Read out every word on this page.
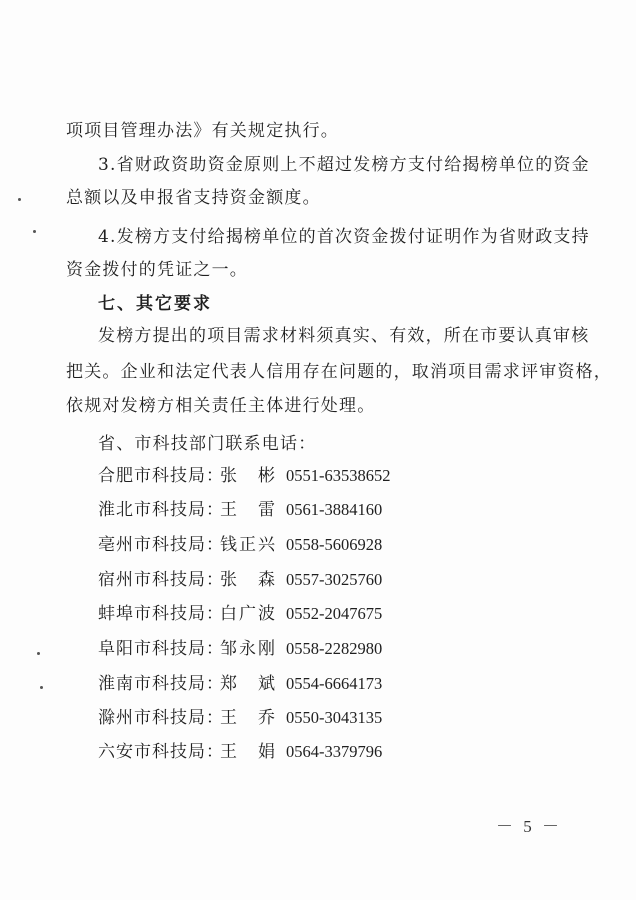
项项目管理办法》有关规定执行。
3.省财政资助资金原则上不超过发榜方支付给揭榜单位的资金
总额以及申报省支持资金额度。
4.发榜方支付给揭榜单位的首次资金拨付证明作为省财政支持
资金拨付的凭证之一。
七、其它要求
发榜方提出的项目需求材料须真实、有效，所在市要认真审核
把关。企业和法定代表人信用存在问题的，取消项目需求评审资格，
依规对发榜方相关责任主体进行处理。
省、市科技部门联系电话：
合肥市科技局：张　彬 0551-63538652
淮北市科技局：王　雷 0561-3884160
亳州市科技局：钱正兴 0558-5606928
宿州市科技局：张　森 0557-3025760
蚌埠市科技局：白广波 0552-2047675
阜阳市科技局：邹永刚 0558-2282980
淮南市科技局：郑　斌 0554-6664173
滁州市科技局：王　乔 0550-3043135
六安市科技局：王　娟 0564-3379796
－ 5 －
